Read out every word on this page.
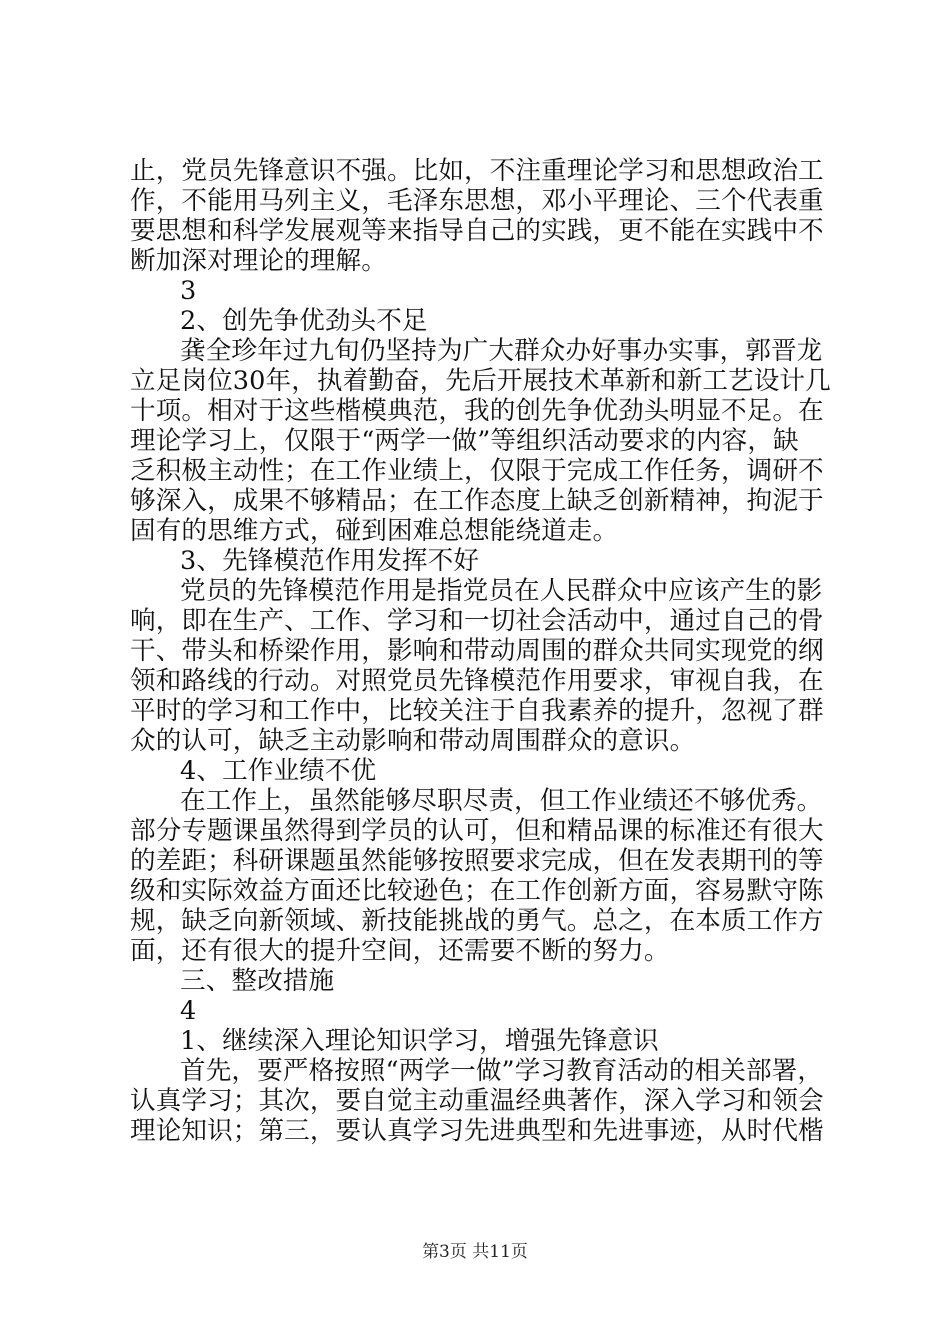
止，党员先锋意识不强。比如，不注重理论学习和思想政治工
作，不能用马列主义，毛泽东思想，邓小平理论、三个代表重
要思想和科学发展观等来指导自己的实践，更不能在实践中不
断加深对理论的理解。
3
2、创先争优劲头不足
龚全珍年过九旬仍坚持为广大群众办好事办实事，郭晋龙
立足岗位30年，执着勤奋，先后开展技术革新和新工艺设计几
十项。相对于这些楷模典范，我的创先争优劲头明显不足。在
理论学习上，仅限于“两学一做”等组织活动要求的内容，缺
乏积极主动性；在工作业绩上，仅限于完成工作任务，调研不
够深入，成果不够精品；在工作态度上缺乏创新精神，拘泥于
固有的思维方式，碰到困难总想能绕道走。
3、先锋模范作用发挥不好
党员的先锋模范作用是指党员在人民群众中应该产生的影
响，即在生产、工作、学习和一切社会活动中，通过自己的骨
干、带头和桥梁作用，影响和带动周围的群众共同实现党的纲
领和路线的行动。对照党员先锋模范作用要求，审视自我，在
平时的学习和工作中，比较关注于自我素养的提升，忽视了群
众的认可，缺乏主动影响和带动周围群众的意识。
4、工作业绩不优
在工作上，虽然能够尽职尽责，但工作业绩还不够优秀。
部分专题课虽然得到学员的认可，但和精品课的标准还有很大
的差距；科研课题虽然能够按照要求完成，但在发表期刊的等
级和实际效益方面还比较逊色；在工作创新方面，容易默守陈
规，缺乏向新领域、新技能挑战的勇气。总之，在本质工作方
面，还有很大的提升空间，还需要不断的努力。
三、整改措施
4
1、继续深入理论知识学习，增强先锋意识
首先，要严格按照“两学一做”学习教育活动的相关部署，
认真学习；其次，要自觉主动重温经典著作，深入学习和领会
理论知识；第三，要认真学习先进典型和先进事迹，从时代楷
第3页 共11页
